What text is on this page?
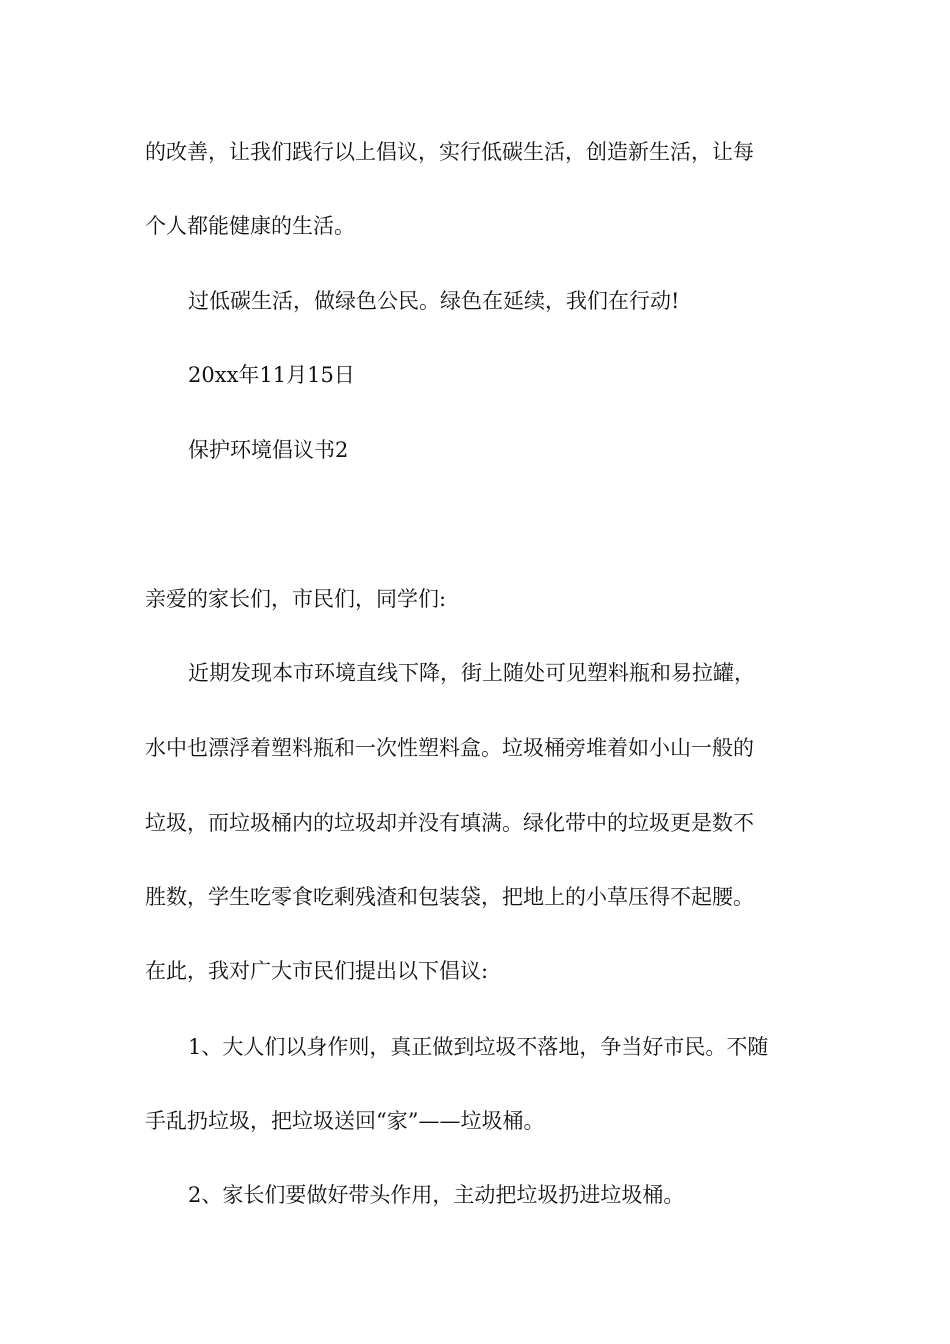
的改善，让我们践行以上倡议，实行低碳生活，创造新生活，让每
个人都能健康的生活。
过低碳生活，做绿色公民。绿色在延续，我们在行动!
20xx年11月15日
保护环境倡议书2
亲爱的家长们，市民们，同学们:
近期发现本市环境直线下降，街上随处可见塑料瓶和易拉罐，
水中也漂浮着塑料瓶和一次性塑料盒。垃圾桶旁堆着如小山一般的
垃圾，而垃圾桶内的垃圾却并没有填满。绿化带中的垃圾更是数不
胜数，学生吃零食吃剩残渣和包装袋，把地上的小草压得不起腰。
在此，我对广大市民们提出以下倡议:
1、大人们以身作则，真正做到垃圾不落地，争当好市民。不随
手乱扔垃圾，把垃圾送回“家”——垃圾桶。
2、家长们要做好带头作用，主动把垃圾扔进垃圾桶。
